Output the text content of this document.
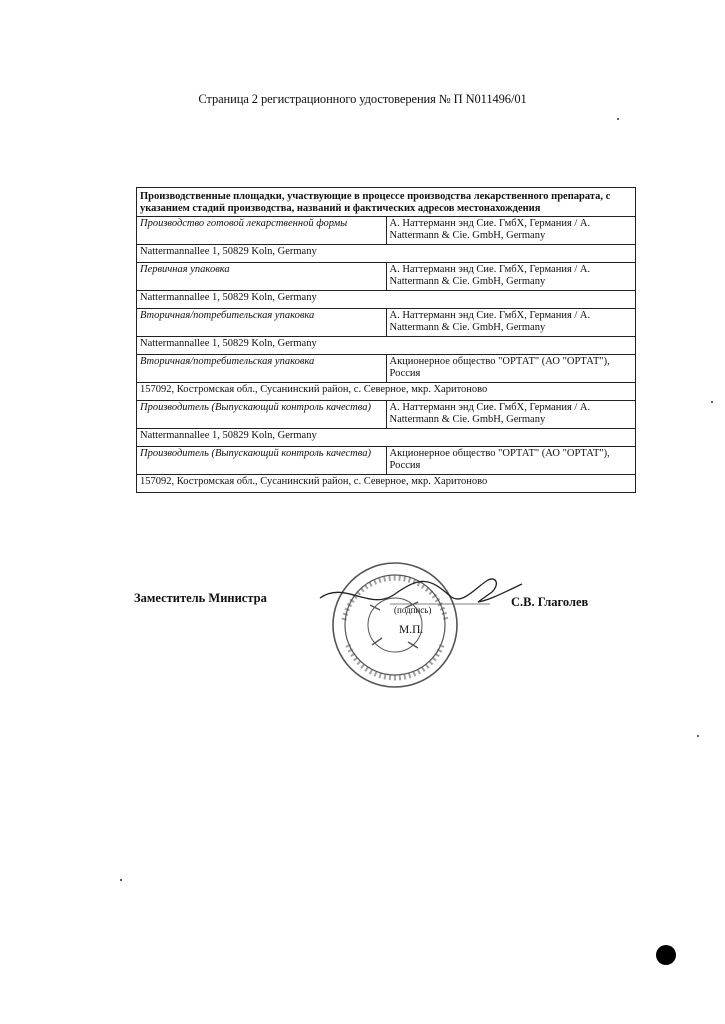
Страница 2 регистрационного удостоверения № П N011496/01
Производственные площадки, участвующие в процессе производства лекарственного препарата, с указанием стадий производства, названий и фактических адресов местонахождения	
Производство готовой лекарственной формы	А. Наттерманн энд Сие. ГмбХ, Германия / A. Nattermann & Cie. GmbH, Germany
Nattermannallee 1, 50829 Koln, Germany	
Первичная упаковка	А. Наттерманн энд Сие. ГмбХ, Германия / A. Nattermann & Cie. GmbH, Germany
Nattermannallee 1, 50829 Koln, Germany	
Вторичная/потребительская упаковка	А. Наттерманн энд Сие. ГмбХ, Германия / A. Nattermann & Cie. GmbH, Germany
Nattermannallee 1, 50829 Koln, Germany	
Вторичная/потребительская упаковка	Акционерное общество "ОРТАТ" (АО "ОРТАТ"), Россия
157092, Костромская обл., Сусанинский район, с. Северное, мкр. Харитоново	
Производитель (Выпускающий контроль качества)	А. Наттерманн энд Сие. ГмбХ, Германия / A. Nattermann & Cie. GmbH, Germany
Nattermannallee 1, 50829 Koln, Germany	
Производитель (Выпускающий контроль качества)	Акционерное общество "ОРТАТ" (АО "ОРТАТ"), Россия
157092, Костромская обл., Сусанинский район, с. Северное, мкр. Харитоново	
Заместитель Министра
(подпись)
М.П.
С.В. Глаголев
